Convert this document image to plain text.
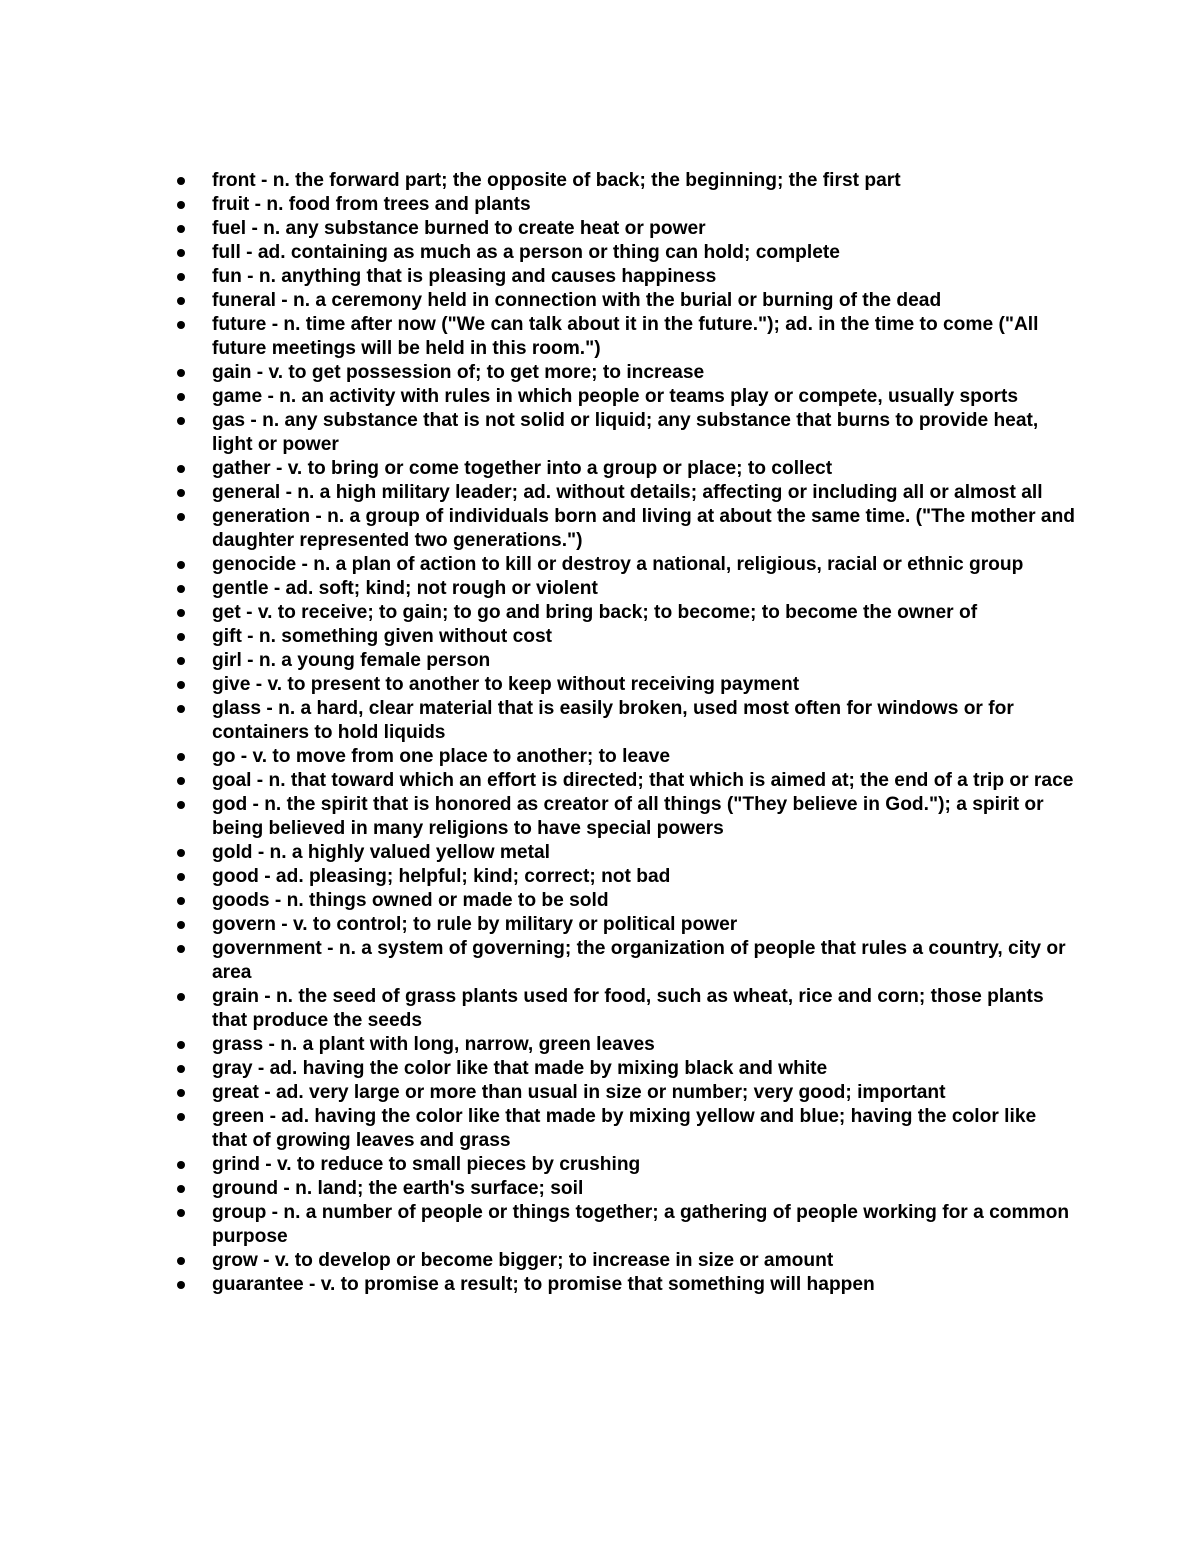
front - n. the forward part; the opposite of back; the beginning; the first part
fruit - n. food from trees and plants
fuel - n. any substance burned to create heat or power
full - ad. containing as much as a person or thing can hold; complete
fun - n. anything that is pleasing and causes happiness
funeral - n. a ceremony held in connection with the burial or burning of the dead
future - n. time after now ("We can talk about it in the future."); ad. in the time to come ("All future meetings will be held in this room.")
gain - v. to get possession of; to get more; to increase
game - n. an activity with rules in which people or teams play or compete, usually sports
gas - n. any substance that is not solid or liquid; any substance that burns to provide heat, light or power
gather - v. to bring or come together into a group or place; to collect
general - n. a high military leader; ad. without details; affecting or including all or almost all
generation - n. a group of individuals born and living at about the same time. ("The mother and daughter represented two generations.")
genocide - n. a plan of action to kill or destroy a national, religious, racial or ethnic group
gentle - ad. soft; kind; not rough or violent
get - v. to receive; to gain; to go and bring back; to become; to become the owner of
gift - n. something given without cost
girl - n. a young female person
give - v. to present to another to keep without receiving payment
glass - n. a hard, clear material that is easily broken, used most often for windows or for containers to hold liquids
go - v. to move from one place to another; to leave
goal - n. that toward which an effort is directed; that which is aimed at; the end of a trip or race
god - n. the spirit that is honored as creator of all things ("They believe in God."); a spirit or being believed in many religions to have special powers
gold - n. a highly valued yellow metal
good - ad. pleasing; helpful; kind; correct; not bad
goods - n. things owned or made to be sold
govern - v. to control; to rule by military or political power
government - n. a system of governing; the organization of people that rules a country, city or area
grain - n. the seed of grass plants used for food, such as wheat, rice and corn; those plants that produce the seeds
grass - n. a plant with long, narrow, green leaves
gray - ad. having the color like that made by mixing black and white
great - ad. very large or more than usual in size or number; very good; important
green - ad. having the color like that made by mixing yellow and blue; having the color like that of growing leaves and grass
grind - v. to reduce to small pieces by crushing
ground - n. land; the earth's surface; soil
group - n. a number of people or things together; a gathering of people working for a common purpose
grow - v. to develop or become bigger; to increase in size or amount
guarantee - v. to promise a result; to promise that something will happen
